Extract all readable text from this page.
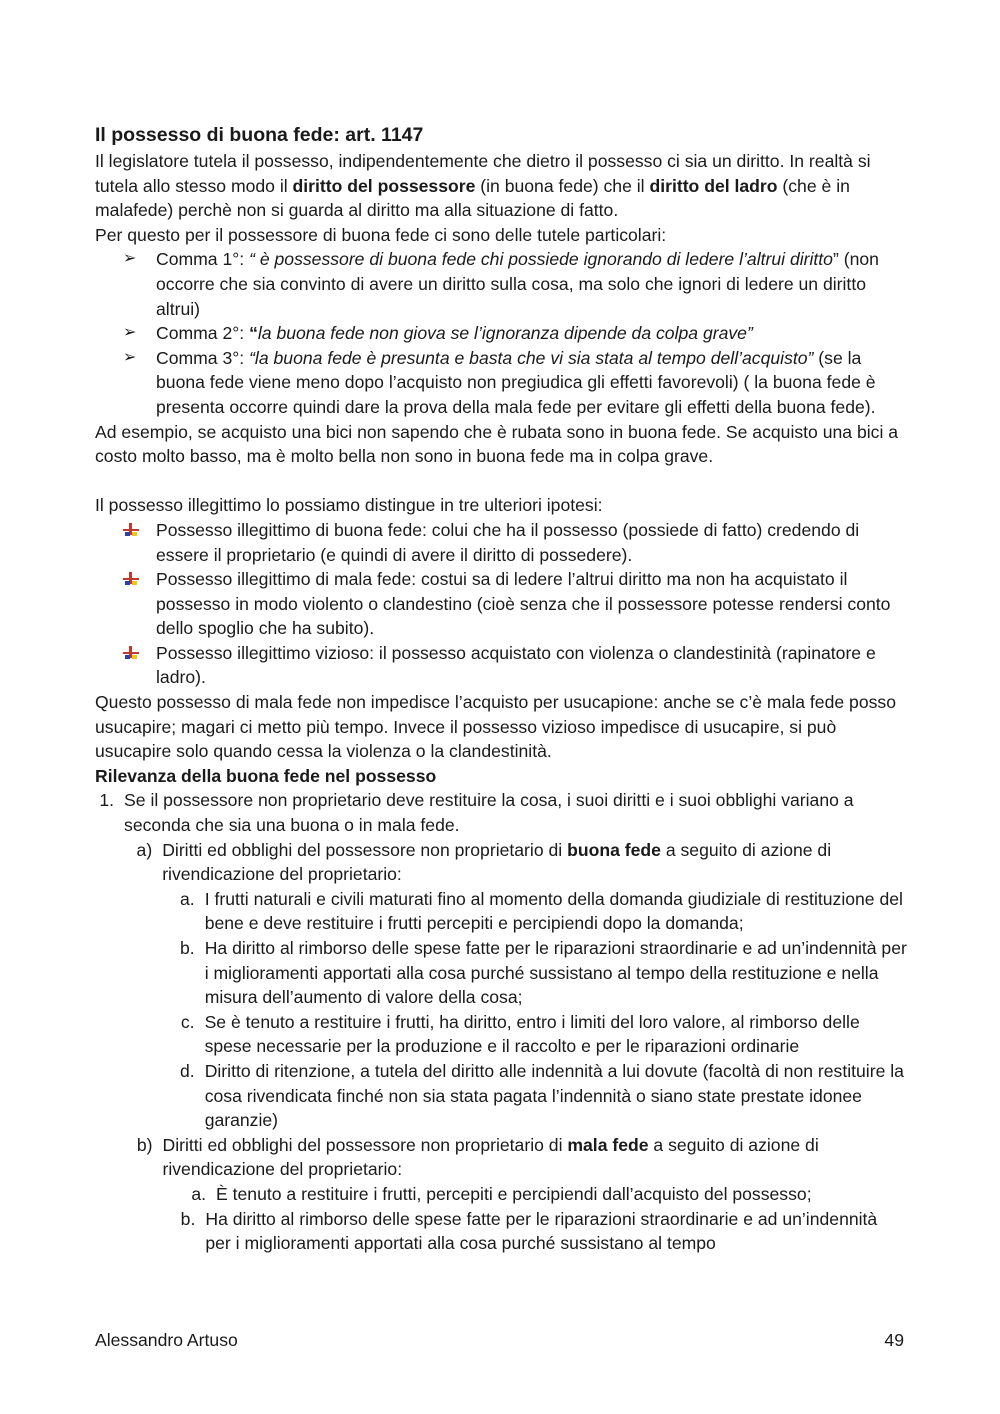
Il possesso di buona fede: art. 1147

Il legislatore tutela il possesso, indipendentemente che dietro il possesso ci sia un diritto. In realtà si tutela allo stesso modo il diritto del possessore (in buona fede) che il diritto del ladro (che è in malafede) perchè non si guarda al diritto ma alla situazione di fatto.

Per questo per il possessore di buona fede ci sono delle tutele particolari:

➢	Comma 1°: “ è possessore di buona fede chi possiede ignorando di ledere l’altrui diritto” (non occorre che sia convinto di avere un diritto sulla cosa, ma solo che ignori di ledere un diritto altrui)
➢	Comma 2°: “la buona fede non giova se l’ignoranza dipende da colpa grave”
➢	Comma 3°: “la buona fede è presunta e basta che vi sia stata al tempo dell’acquisto” (se la buona fede viene meno dopo l’acquisto non pregiudica gli effetti favorevoli) ( la buona fede è presenta occorre quindi dare la prova della mala fede per evitare gli effetti della buona fede).

Ad esempio, se acquisto una bici non sapendo che è rubata sono in buona fede. Se acquisto una bici a costo molto basso, ma è molto bella non sono in buona fede ma in colpa grave.

Il possesso illegittimo lo possiamo distingue in tre ulteriori ipotesi:

Possesso illegittimo di buona fede: colui che ha il possesso (possiede di fatto) credendo di essere il proprietario (e quindi di avere il diritto di possedere).
Possesso illegittimo di mala fede: costui sa di ledere l’altrui diritto ma non ha acquistato il possesso in modo violento o clandestino (cioè senza che il possessore potesse rendersi conto dello spoglio che ha subito).
Possesso illegittimo vizioso: il possesso acquistato con violenza o clandestinità (rapinatore e ladro).

Questo possesso di mala fede non impedisce l’acquisto per usucapione: anche se c’è mala fede posso usucapire; magari ci metto più tempo. Invece il possesso vizioso impedisce di usucapire, si può usucapire solo quando cessa la violenza o la clandestinità.

Rilevanza della buona fede nel possesso

1. Se il possessore non proprietario deve restituire la cosa, i suoi diritti e i suoi obblighi variano a seconda che sia una buona o in mala fede.
a) Diritti ed obblighi del possessore non proprietario di buona fede a seguito di azione di rivendicazione del proprietario:
a. I frutti naturali e civili maturati fino al momento della domanda giudiziale di restituzione del bene e deve restituire i frutti percepiti e percipiendi dopo la domanda;
b. Ha diritto al rimborso delle spese fatte per le riparazioni straordinarie e ad un’indennità per i miglioramenti apportati alla cosa purché sussistano al tempo della restituzione e nella misura dell’aumento di valore della cosa;
c. Se è tenuto a restituire i frutti, ha diritto, entro i limiti del loro valore, al rimborso delle spese necessarie per la produzione e il raccolto e per le riparazioni ordinarie
d. Diritto di ritenzione, a tutela del diritto alle indennità a lui dovute (facoltà di non restituire la cosa rivendicata finché non sia stata pagata l’indennità o siano state prestate idonee garanzie)
b) Diritti ed obblighi del possessore non proprietario di mala fede a seguito di azione di rivendicazione del proprietario:
a. È tenuto a restituire i frutti, percepiti e percipiendi dall’acquisto del possesso;
b. Ha diritto al rimborso delle spese fatte per le riparazioni straordinarie e ad un’indennità per i miglioramenti apportati alla cosa purché sussistano al tempo
Alessandro Artuso	49
